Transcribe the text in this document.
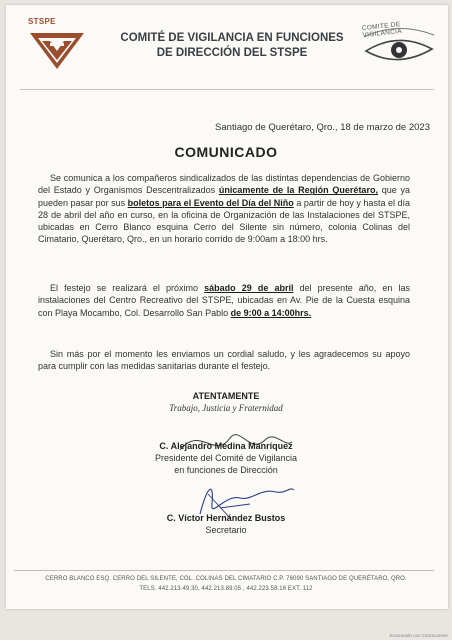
STSPE
COMITÉ DE VIGILANCIA EN FUNCIONES
DE DIRECCIÓN DEL STSPE
COMITE DE VIGILANCIA
Santiago de Querétaro, Qro., 18 de marzo de 2023
COMUNICADO

Se comunica a los compañeros sindicalizados de las distintas dependencias de Gobierno del Estado y Organismos Descentralizados únicamente de la Región Querétaro, que ya pueden pasar por sus boletos para el Evento del Día del Niño a partir de hoy y hasta el día 28 de abril del año en curso, en la oficina de Organización de las Instalaciones del STSPE, ubicadas en Cerro Blanco esquina Cerro del Silente sin número, colonia Colinas del Cimatario, Querétaro, Qro., en un horario corrido de 9:00am a 18:00 hrs.

El festejo se realizará el próximo sábado 29 de abril del presente año, en las instalaciones del Centro Recreativo del STSPE, ubicadas en Av. Pie de la Cuesta esquina con Playa Mocambo, Col. Desarrollo San Pablo de 9:00 a 14:00hrs.

Sin más por el momento les enviamos un cordial saludo, y les agradecemos su apoyo para cumplir con las medidas sanitarias durante el festejo.

ATENTAMENTE
Trabajo, Justicia y Fraternidad
C. Alejandro Medina Manríquez
Presidente del Comité de Vigilancia
en funciones de Dirección
C. Víctor Hernández Bustos
Secretario
CERRO BLANCO ESQ. CERRO DEL SILENTE, COL. COLINAS DEL CIMATARIO C.P. 76090 SANTIAGO DE QUERÉTARO, QRO.
TELS. 442.213.49.30, 442.213.89.05 , 442.223.58.16 EXT. 112
Escaneado con CamScanner
